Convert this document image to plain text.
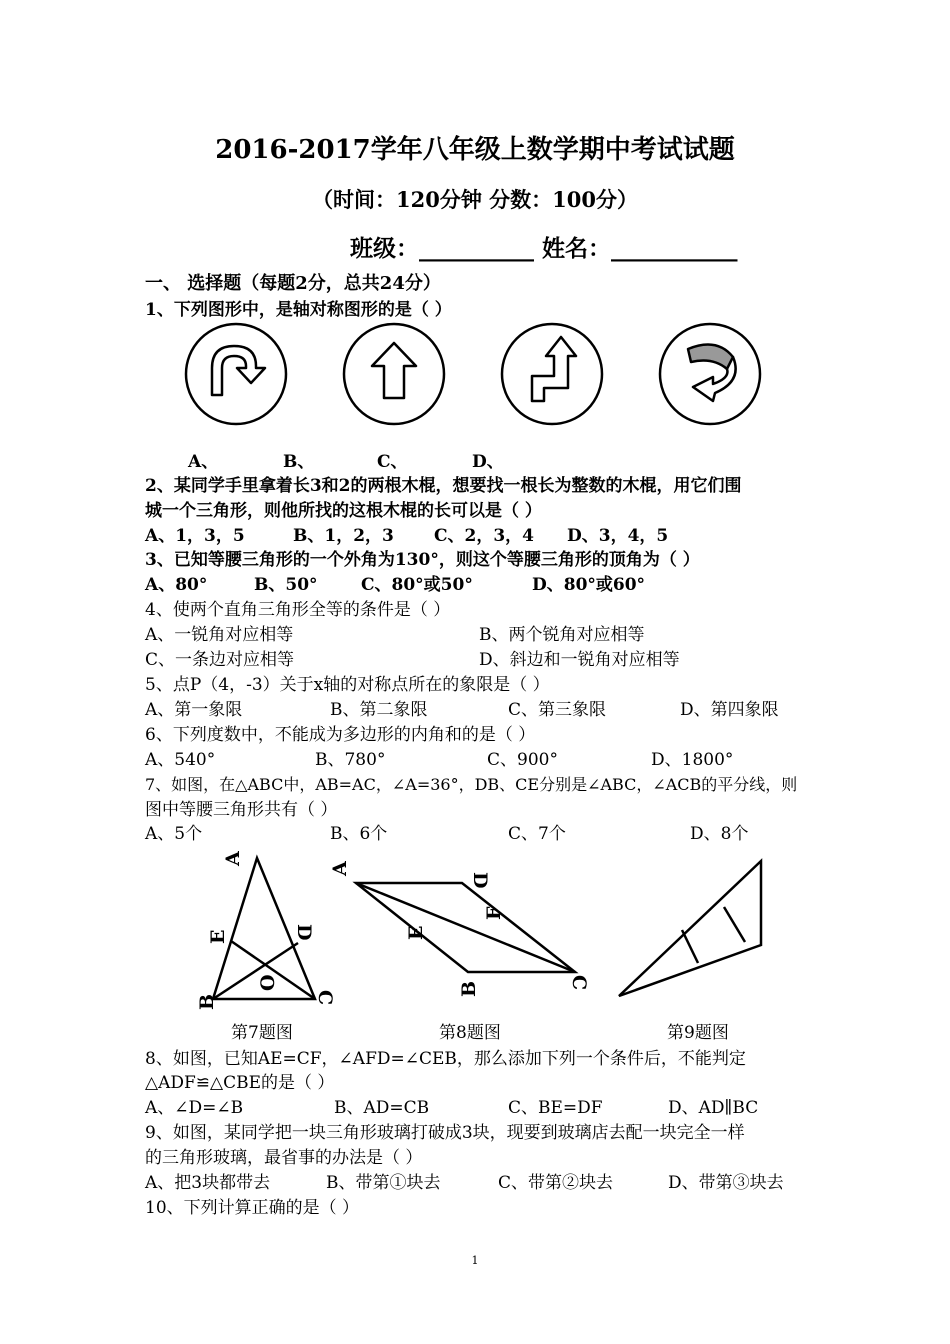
2016-2017学年八年级上数学期中考试试题
（时间：120分钟 分数：100分）
班级：__________ 姓名：___________
一、 选择题（每题2分，总共24分）
1、下列图形中，是轴对称图形的是（ ）
A、	B、	C、	D、
2、某同学手里拿着长3和2的两根木棍，想要找一根长为整数的木棍，用它们围
城一个三角形，则他所找的这根木棍的长可以是（ ）
A、1，3，5	B、1，2，3 C、2，3，4 D、3，4，5
3、已知等腰三角形的一个外角为130°，则这个等腰三角形的顶角为（ ）
A、80°	B、50°	C、80°或50°	D、80°或60°
4、使两个直角三角形全等的条件是（ ）
A、一锐角对应相等	B、两个锐角对应相等
C、一条边对应相等	D、斜边和一锐角对应相等
5、点P（4，-3）关于x轴的对称点所在的象限是（ ）
A、第一象限	B、第二象限	C、第三象限	D、第四象限
6、下列度数中，不能成为多边形的内角和的是（ ）
A、540°	B、780°	C、900°	D、1800°
7、如图，在△ABC中，AB=AC，∠A=36°，DB、CE分别是∠ABC，∠ACB的平分线，则
图中等腰三角形共有（ ）
A、5个	B、6个	C、7个	D、8个
A
E	D
O
B	C
A
D
E
F
B	C
第7题图	第8题图	第9题图
8、如图，已知AE=CF，∠AFD=∠CEB，那么添加下列一个条件后，不能判定
△ADF≌△CBE的是（ ）
A、∠D=∠B	B、AD=CB	C、BE=DF	D、AD∥BC
9、如图，某同学把一块三角形玻璃打破成3块，现要到玻璃店去配一块完全一样
的三角形玻璃，最省事的办法是（ ）
A、把3块都带去	B、带第①块去	C、带第②块去	D、带第③块去
10、下列计算正确的是（ ）
1
